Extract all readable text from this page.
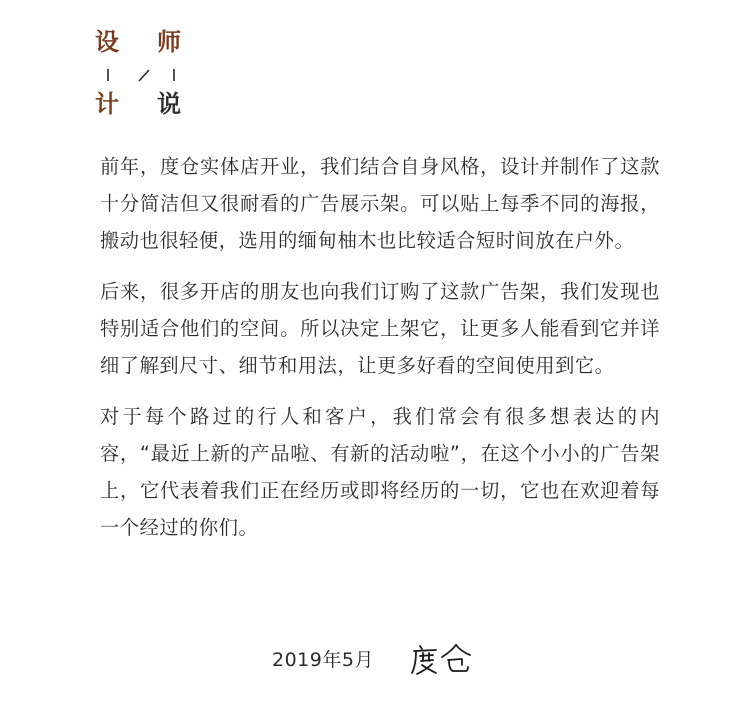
设 师
计 说

前年，度仓实体店开业，我们结合自身风格，设计并制作了这款十分简洁但又很耐看的广告展示架。可以贴上每季不同的海报，搬动也很轻便，选用的缅甸柚木也比较适合短时间放在户外。

后来，很多开店的朋友也向我们订购了这款广告架，我们发现也特别适合他们的空间。所以决定上架它，让更多人能看到它并详细了解到尺寸、细节和用法，让更多好看的空间使用到它。

对于每个路过的行人和客户，我们常会有很多想表达的内容，“最近上新的产品啦、有新的活动啦”，在这个小小的广告架上，它代表着我们正在经历或即将经历的一切，它也在欢迎着每一个经过的你们。

2019年5月
